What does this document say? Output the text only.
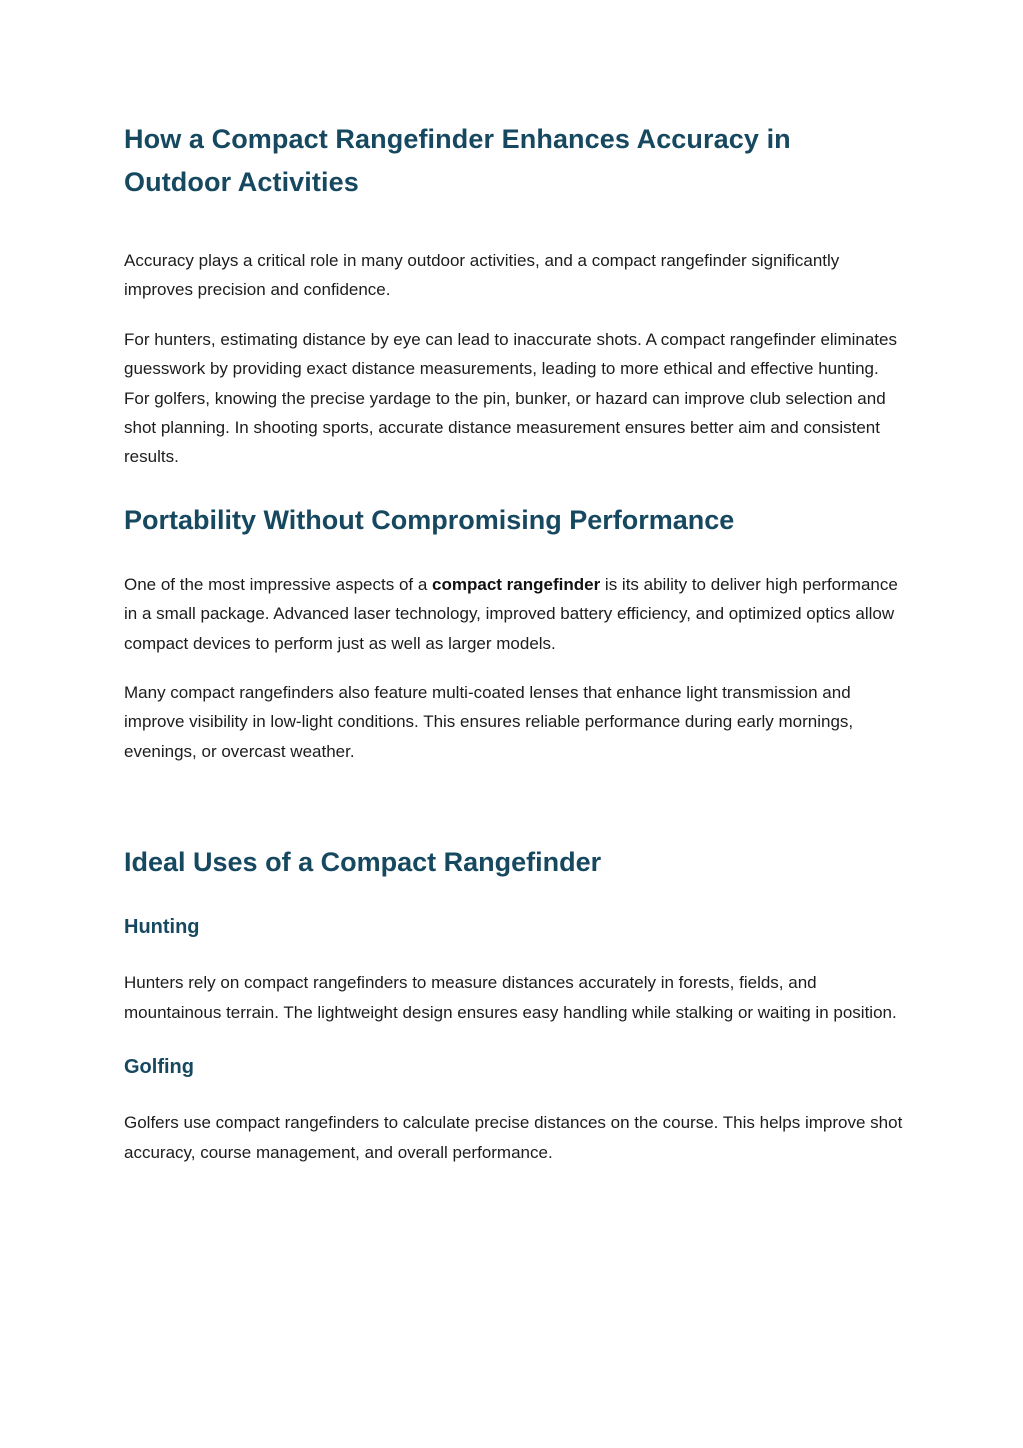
How a Compact Rangefinder Enhances Accuracy in Outdoor Activities

Accuracy plays a critical role in many outdoor activities, and a compact rangefinder significantly improves precision and confidence.

For hunters, estimating distance by eye can lead to inaccurate shots. A compact rangefinder eliminates guesswork by providing exact distance measurements, leading to more ethical and effective hunting. For golfers, knowing the precise yardage to the pin, bunker, or hazard can improve club selection and shot planning. In shooting sports, accurate distance measurement ensures better aim and consistent results.

Portability Without Compromising Performance

One of the most impressive aspects of a compact rangefinder is its ability to deliver high performance in a small package. Advanced laser technology, improved battery efficiency, and optimized optics allow compact devices to perform just as well as larger models.

Many compact rangefinders also feature multi-coated lenses that enhance light transmission and improve visibility in low-light conditions. This ensures reliable performance during early mornings, evenings, or overcast weather.

Ideal Uses of a Compact Rangefinder
Hunting

Hunters rely on compact rangefinders to measure distances accurately in forests, fields, and mountainous terrain. The lightweight design ensures easy handling while stalking or waiting in position.

Golfing

Golfers use compact rangefinders to calculate precise distances on the course. This helps improve shot accuracy, course management, and overall performance.
